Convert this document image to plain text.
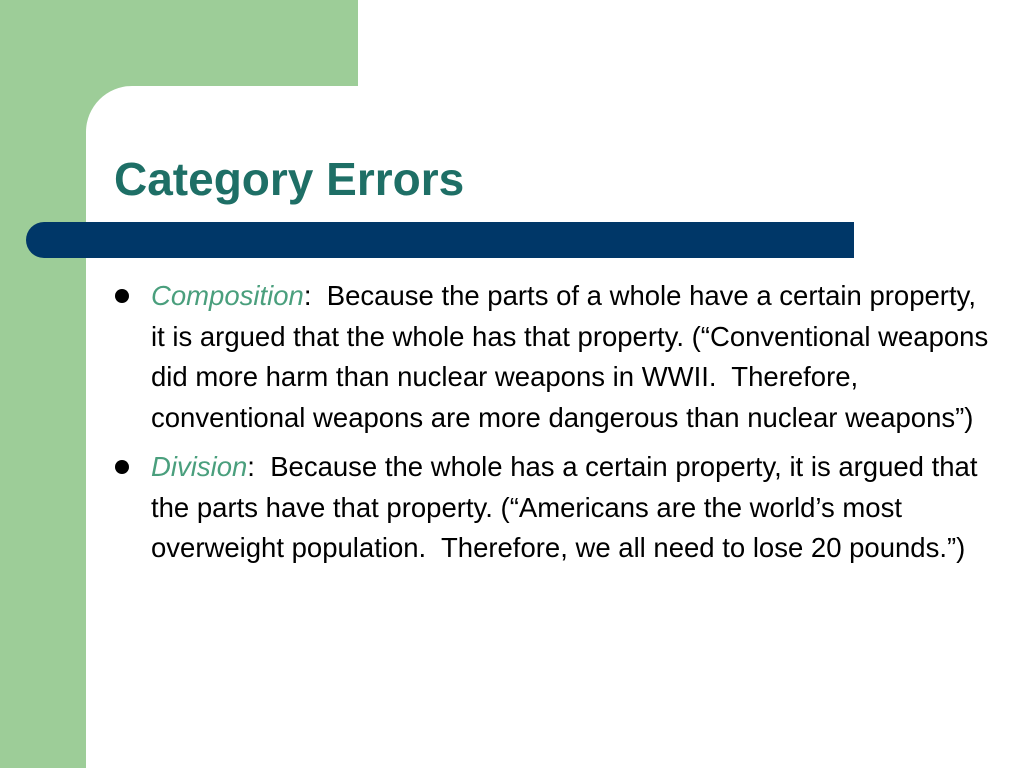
Category Errors
Composition:  Because the parts of a whole have a certain property, it is argued that the whole has that property. (“Conventional weapons did more harm than nuclear weapons in WWII.  Therefore, conventional weapons are more dangerous than nuclear weapons”)
Division:  Because the whole has a certain property, it is argued that the parts have that property. (“Americans are the world’s most overweight population.  Therefore, we all need to lose 20 pounds.”)
